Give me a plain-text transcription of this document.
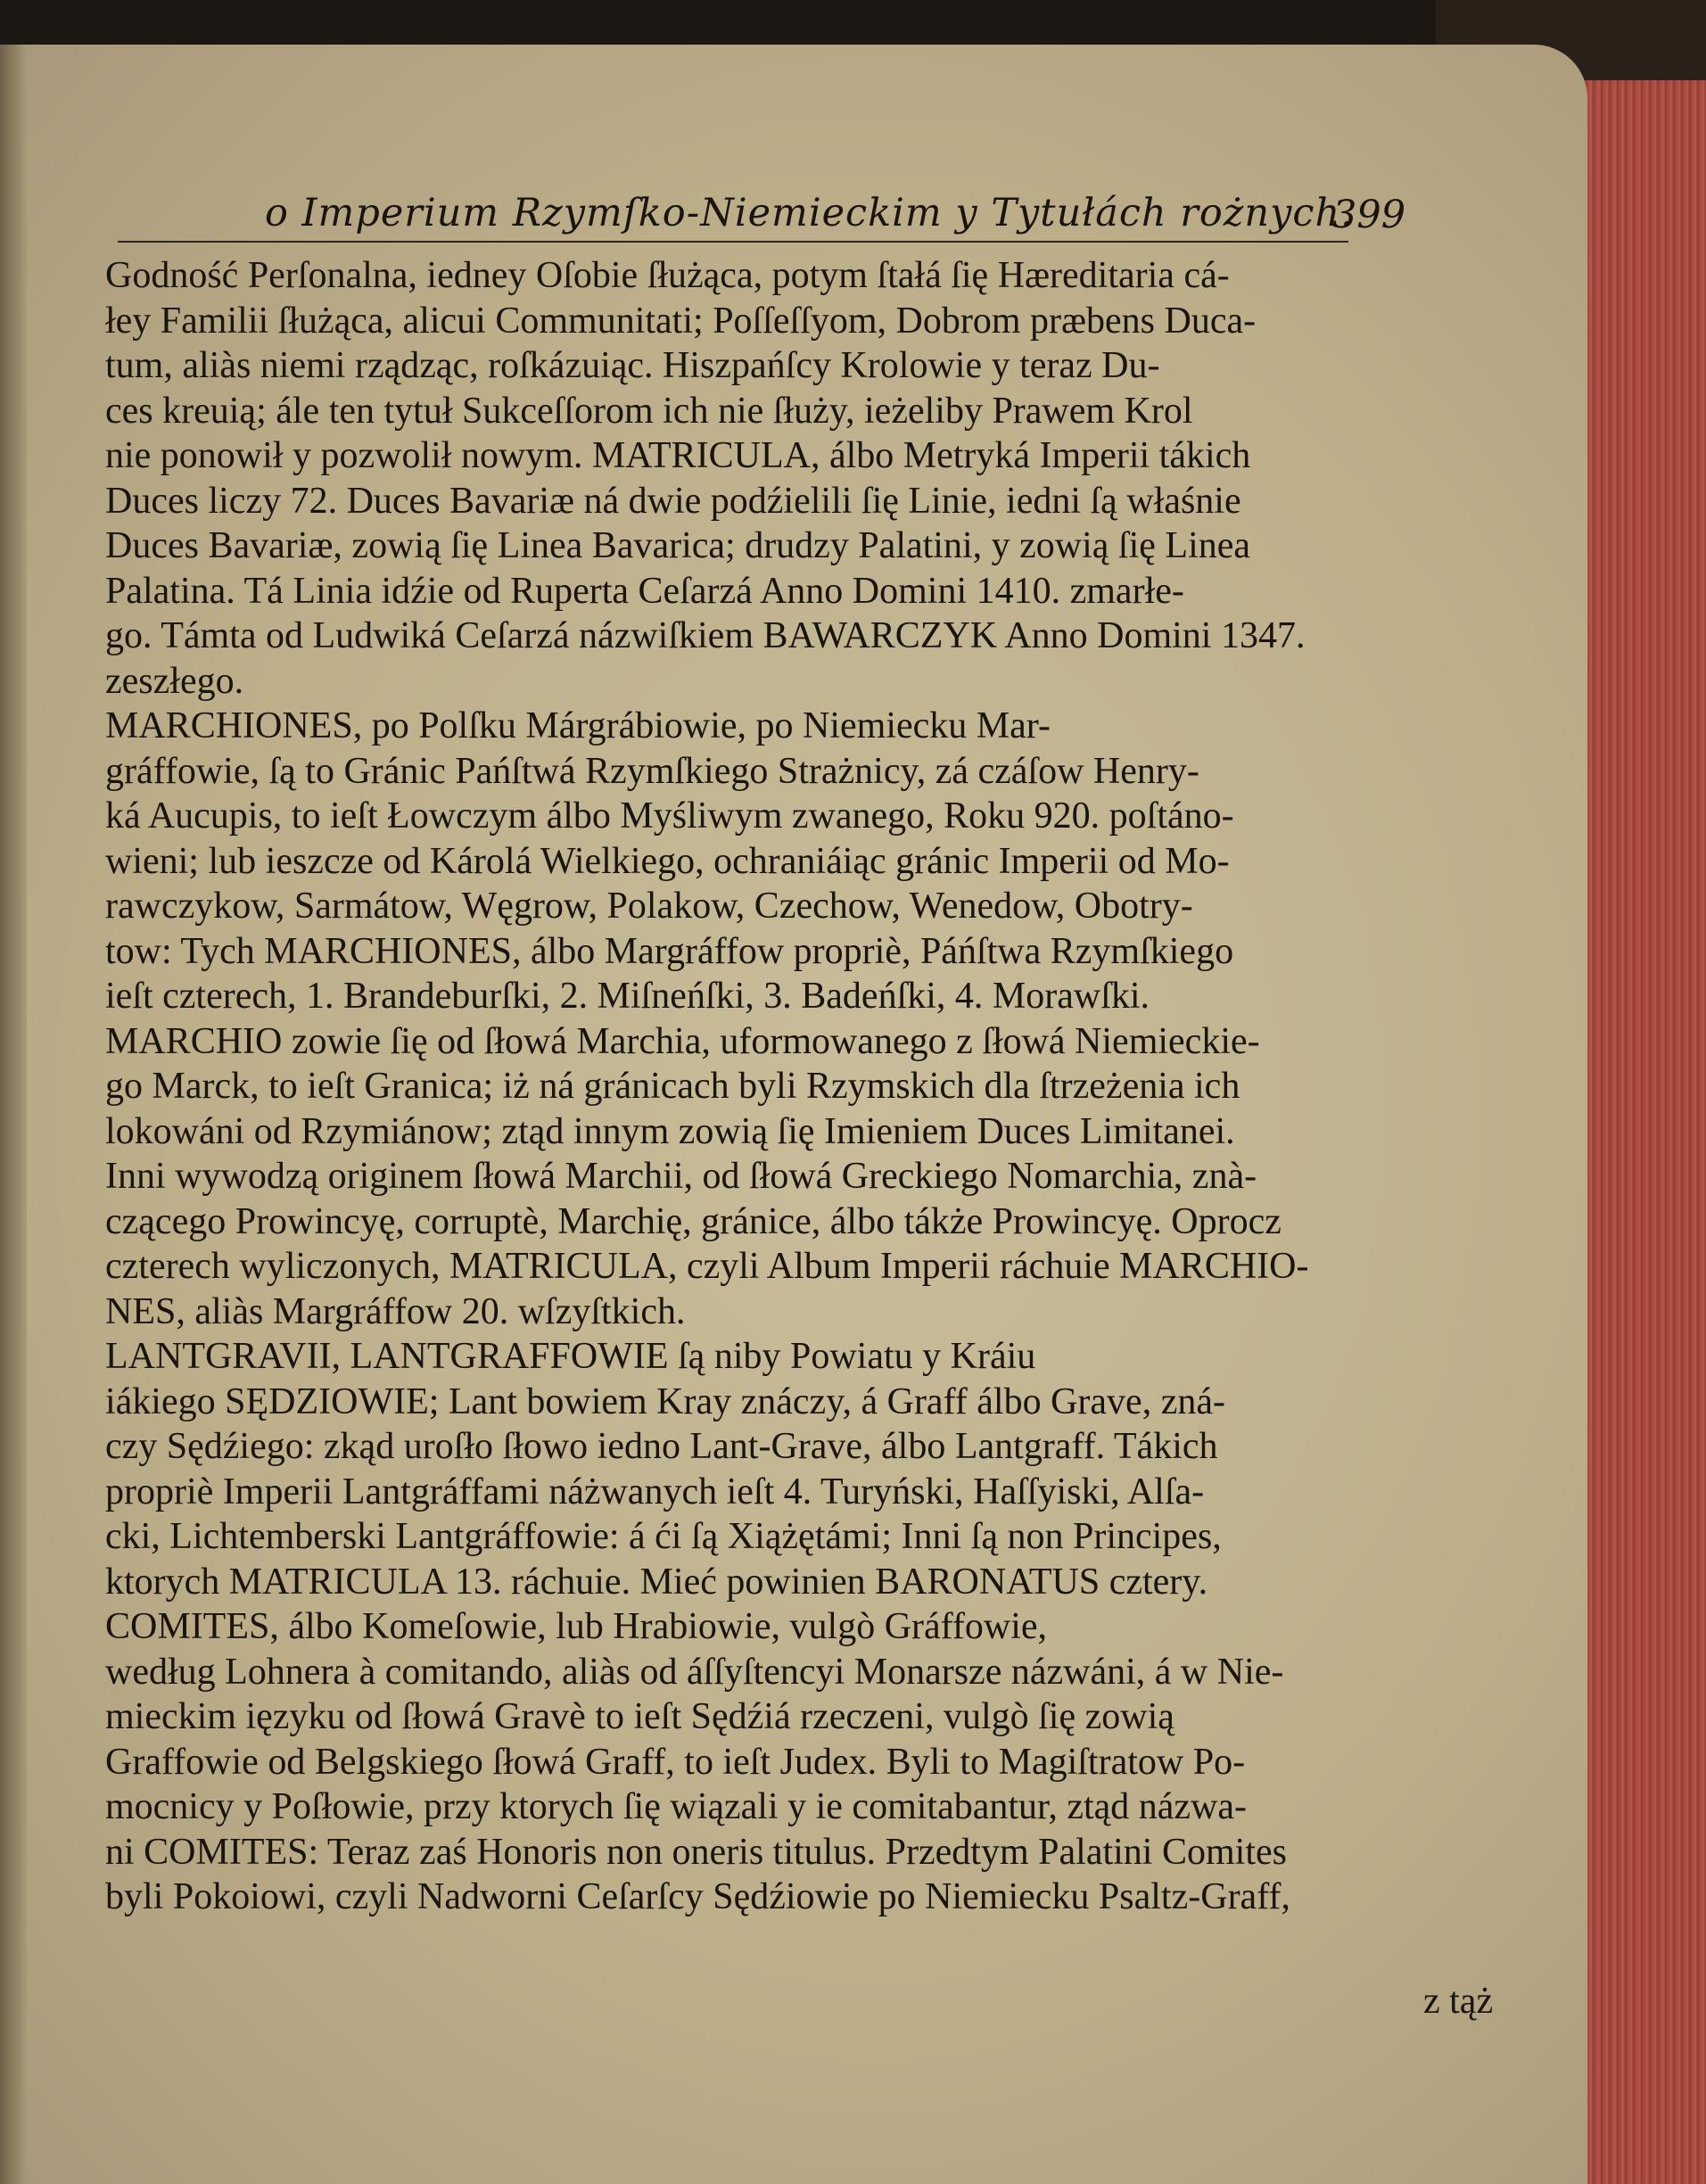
o Imperium Rzymſko-Niemieckim y Tytułách rożnych.
399
Godność Perſonalna, iedney Oſobie ſłużąca, potym ſtałá ſię Hæreditaria cá-
łey Familii ſłużąca, alicui Communitati; Poſſeſſyom, Dobrom præbens Duca-
tum, aliàs niemi rządząc, roſkázuiąc. Hiszpańſcy Krolowie y teraz Du-
ces kreuią; ále ten tytuł Sukceſſorom ich nie ſłuży, ieżeliby Prawem Krol
nie ponowił y pozwolił nowym. MATRICULA, álbo Metryká Imperii tákich
Duces liczy 72. Duces Bavariæ ná dwie podźielili ſię Linie, iedni ſą właśnie
Duces Bavariæ, zowią ſię Linea Bavarica; drudzy Palatini, y zowią ſię Linea
Palatina. Tá Linia idźie od Ruperta Ceſarzá Anno Domini 1410. zmarłe-
go. Támta od Ludwiká Ceſarzá názwiſkiem BAWARCZYK Anno Domini 1347.
zeszłego.
MARCHIONES, po Polſku Márgrábiowie, po Niemiecku Mar-
gráffowie, ſą to Gránic Pańſtwá Rzymſkiego Strażnicy, zá czáſow Henry-
ká Aucupis, to ieſt Łowczym álbo Myśliwym zwanego, Roku 920. poſtáno-
wieni; lub ieszcze od Károlá Wielkiego, ochraniáiąc gránic Imperii od Mo-
rawczykow, Sarmátow, Węgrow, Polakow, Czechow, Wenedow, Obotry-
tow: Tych MARCHIONES, álbo Margráffow propriè, Páńſtwa Rzymſkiego
ieſt czterech, 1. Brandeburſki, 2. Miſneńſki, 3. Badeńſki, 4. Morawſki.
MARCHIO zowie ſię od ſłowá Marchia, uformowanego z ſłowá Niemieckie-
go Marck, to ieſt Granica; iż ná gránicach byli Rzymskich dla ſtrzeżenia ich
lokowáni od Rzymiánow; ztąd innym zowią ſię Imieniem Duces Limitanei.
Inni wywodzą originem ſłowá Marchii, od ſłowá Greckiego Nomarchia, znà-
czącego Prowincyę, corruptè, Marchię, gránice, álbo tákże Prowincyę. Oprocz
czterech wyliczonych, MATRICULA, czyli Album Imperii ráchuie MARCHIO-
NES, aliàs Margráffow 20. wſzyſtkich.
LANTGRAVII, LANTGRAFFOWIE ſą niby Powiatu y Kráiu
iákiego SĘDZIOWIE; Lant bowiem Kray znáczy, á Graff álbo Grave, zná-
czy Sędźiego: zkąd uroſło ſłowo iedno Lant-Grave, álbo Lantgraff. Tákich
propriè Imperii Lantgráffami náżwanych ieſt 4. Turyński, Haſſyiski, Alſa-
cki, Lichtemberski Lantgráffowie: á ći ſą Xiążętámi; Inni ſą non Principes,
ktorych MATRICULA 13. ráchuie. Mieć powinien BARONATUS cztery.
COMITES, álbo Komeſowie, lub Hrabiowie, vulgò Gráffowie,
według Lohnera à comitando, aliàs od áſſyſtencyi Monarsze názwáni, á w Nie-
mieckim ięzyku od ſłowá Gravè to ieſt Sędźiá rzeczeni, vulgò ſię zowią
Graffowie od Belgskiego ſłowá Graff, to ieſt Judex. Byli to Magiſtratow Po-
mocnicy y Poſłowie, przy ktorych ſię wiązali y ie comitabantur, ztąd názwa-
ni COMITES: Teraz zaś Honoris non oneris titulus. Przedtym Palatini Comites
byli Pokoiowi, czyli Nadworni Ceſarſcy Sędźiowie po Niemiecku Psaltz-Graff,
z tąż
